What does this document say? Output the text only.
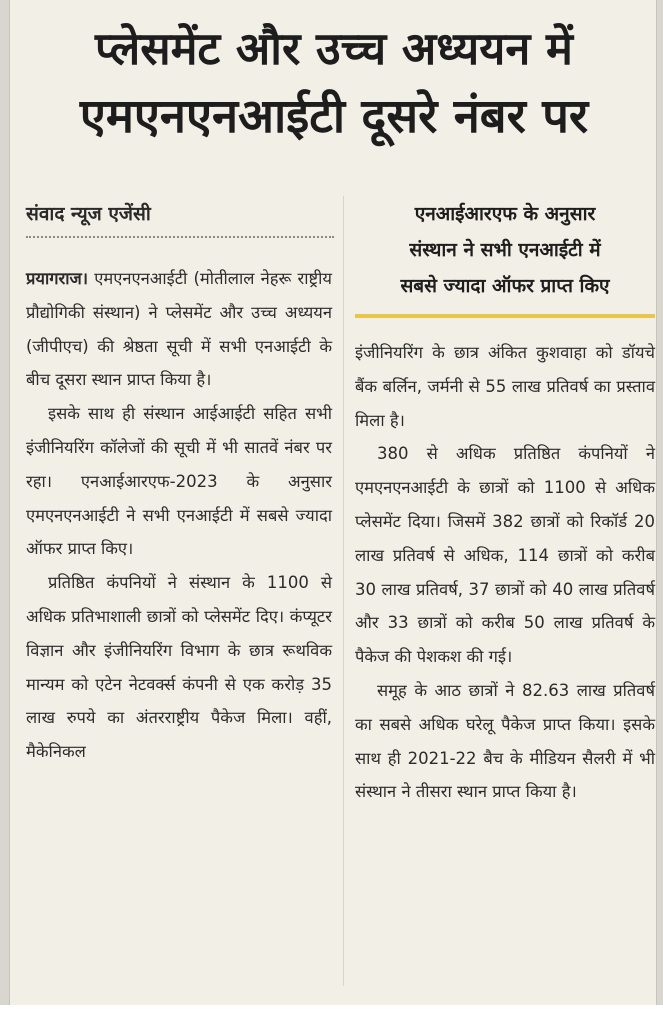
प्लेसमेंट और उच्च अध्ययन में
एमएनएनआईटी दूसरे नंबर पर
संवाद न्यूज एजेंसी	एनआईआरएफ के अनुसार
संस्थान ने सभी एनआईटी में
सबसे ज्यादा ऑफर प्राप्त किए

प्रयागराज। एमएनएनआईटी (मोतीलाल नेहरू राष्ट्रीय प्रौद्योगिकी संस्थान) ने प्लेसमेंट और उच्च अध्ययन (जीपीएच) की श्रेष्ठता सूची में सभी एनआईटी के बीच दूसरा स्थान प्राप्त किया है।

इसके साथ ही संस्थान आईआईटी सहित सभी इंजीनियरिंग कॉलेजों की सूची में भी सातवें नंबर पर रहा। एनआईआरएफ-2023 के अनुसार एमएनएनआईटी ने सभी एनआईटी में सबसे ज्यादा ऑफर प्राप्त किए।

प्रतिष्ठित कंपनियों ने संस्थान के 1100 से अधिक प्रतिभाशाली छात्रों को प्लेसमेंट दिए। कंप्यूटर विज्ञान और इंजीनियरिंग विभाग के छात्र रूथविक मान्यम को एटेन नेटवर्क्स कंपनी से एक करोड़ 35 लाख रुपये का अंतरराष्ट्रीय पैकेज मिला। वहीं, मैकेनिकल

इंजीनियरिंग के छात्र अंकित कुशवाहा को डॉयचे बैंक बर्लिन, जर्मनी से 55 लाख प्रतिवर्ष का प्रस्ताव मिला है।

380 से अधिक प्रतिष्ठित कंपनियों ने एमएनएनआईटी के छात्रों को 1100 से अधिक प्लेसमेंट दिया। जिसमें 382 छात्रों को रिकॉर्ड 20 लाख प्रतिवर्ष से अधिक, 114 छात्रों को करीब 30 लाख प्रतिवर्ष, 37 छात्रों को 40 लाख प्रतिवर्ष और 33 छात्रों को करीब 50 लाख प्रतिवर्ष के पैकेज की पेशकश की गई।

समूह के आठ छात्रों ने 82.63 लाख प्रतिवर्ष का सबसे अधिक घरेलू पैकेज प्राप्त किया। इसके साथ ही 2021-22 बैच के मीडियन सैलरी में भी संस्थान ने तीसरा स्थान प्राप्त किया है।
